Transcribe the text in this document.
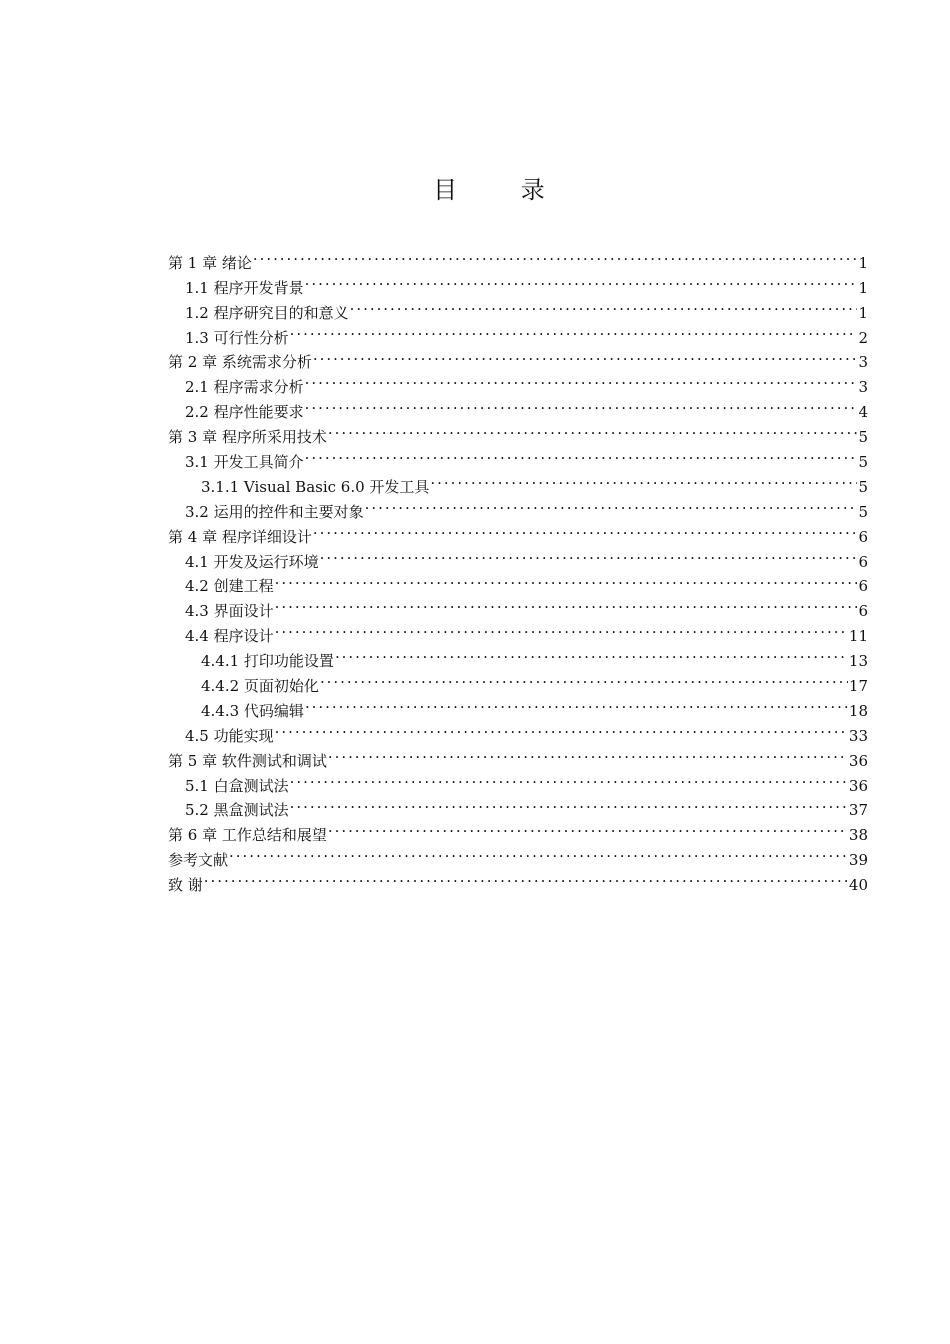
目 录
第 1 章 绪论 . . .	1
1.1 程序开发背景 . . .	1
1.2 程序研究目的和意义 . . .	1
1.3 可行性分析 . . .	2
第 2 章 系统需求分析 . . .	3
2.1 程序需求分析 . . .	3
2.2 程序性能要求 . . .	4
第 3 章 程序所采用技术 . . .	5
3.1 开发工具简介 . . .	5
3.1.1 Visual Basic 6.0 开发工具 . . .	5
3.2 运用的控件和主要对象 . . .	5
第 4 章 程序详细设计 . . .	6
4.1 开发及运行环境 . . .	6
4.2 创建工程 . . .	6
4.3 界面设计 . . .	6
4.4 程序设计 . . .	11
4.4.1 打印功能设置 . . .	13
4.4.2 页面初始化 . . .	17
4.4.3 代码编辑 . . .	18
4.5 功能实现 . . .	33
第 5 章 软件测试和调试 . . .	36
5.1 白盒测试法 . . .	36
5.2 黑盒测试法 . . .	37
第 6 章 工作总结和展望 . . .	38
参考文献 . . .	39
致 谢 . . .	40
